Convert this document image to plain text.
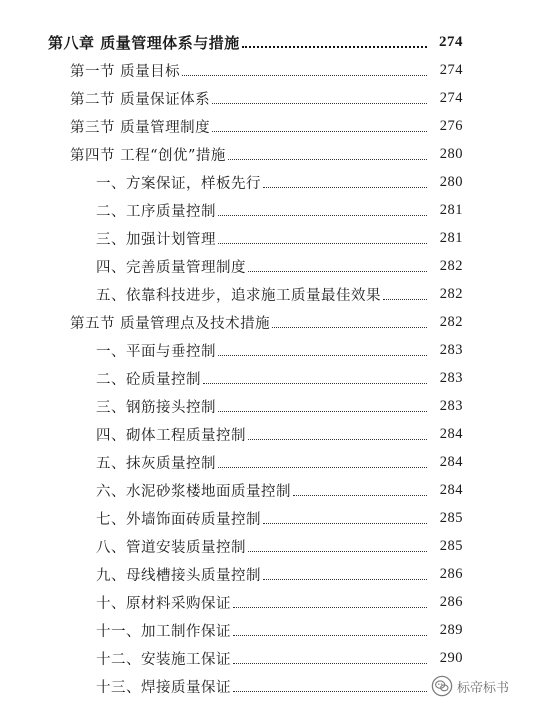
第八章 质量管理体系与措施	274
第一节 质量目标	274
第二节 质量保证体系	274
第三节 质量管理制度	276
第四节 工程“创优”措施	280
一、方案保证，样板先行	280
二、工序质量控制	281
三、加强计划管理	281
四、完善质量管理制度	282
五、依靠科技进步，追求施工质量最佳效果	282
第五节 质量管理点及技术措施	282
一、平面与垂控制	283
二、砼质量控制	283
三、钢筋接头控制	283
四、砌体工程质量控制	284
五、抹灰质量控制	284
六、水泥砂浆楼地面质量控制	284
七、外墙饰面砖质量控制	285
八、管道安装质量控制	285
九、母线槽接头质量控制	286
十、原材料采购保证	286
十一、加工制作保证	289
十二、安装施工保证	290
十三、焊接质量保证	标帝标书
